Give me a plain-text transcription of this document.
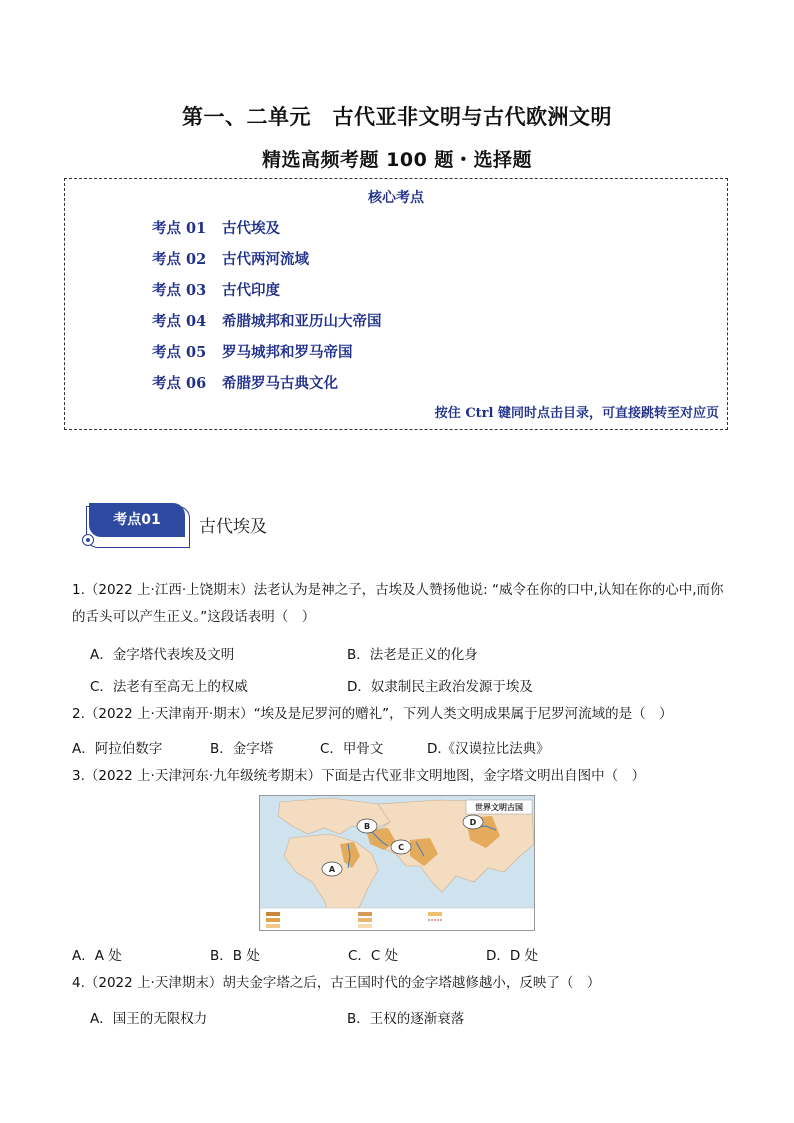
第一、二单元　古代亚非文明与古代欧洲文明
精选高频考题 100 题・选择题
核心考点
考点 01 古代埃及
考点 02 古代两河流域
考点 03 古代印度
考点 04 希腊城邦和亚历山大帝国
考点 05 罗马城邦和罗马帝国
考点 06 希腊罗马古典文化
按住 Ctrl 键同时点击目录，可直接跳转至对应页
考点01	古代埃及
1.（2022 上·江西·上饶期末）法老认为是神之子，古埃及人赞扬他说: “威令在你的口中,认知在你的心中,而你的舌头可以产生正义。”这段话表明（　）
A．金字塔代表埃及文明	B．法老是正义的化身
C．法老有至高无上的权威	D．奴隶制民主政治发源于埃及
2.（2022 上·天津南开·期末）“埃及是尼罗河的赠礼”，下列人类文明成果属于尼罗河流域的是（　）
A．阿拉伯数字	B．金字塔	C．甲骨文	D.《汉谟拉比法典》
3.（2022 上·天津河东·九年级统考期末）下面是古代亚非文明地图，金字塔文明出自图中（　）
世界文明古国
A
B
C
D
A．A 处	B．B 处	C．C 处	D．D 处
4.（2022 上·天津期末）胡夫金字塔之后，古王国时代的金字塔越修越小，反映了（　）
A．国王的无限权力	B．王权的逐渐衰落
